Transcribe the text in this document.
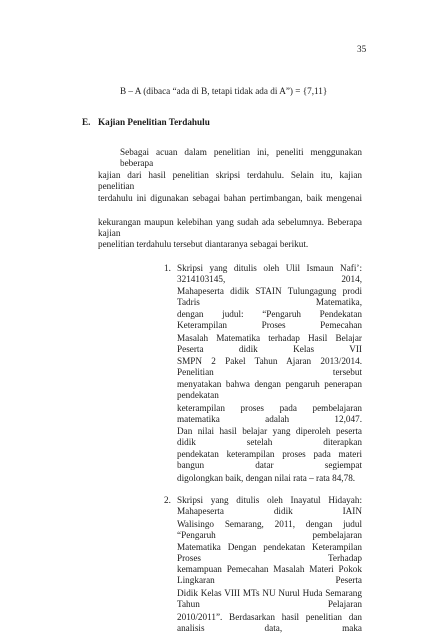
35
B – A (dibaca “ada di B, tetapi tidak ada di A”) = {7,11}
E. Kajian Penelitian Terdahulu
Sebagai acuan dalam penelitian ini, peneliti menggunakan beberapa
kajian dari hasil penelitian skripsi terdahulu. Selain itu, kajian penelitian
terdahulu ini digunakan sebagai bahan pertimbangan, baik mengenai
kekurangan maupun kelebihan yang sudah ada sebelumnya. Beberapa kajian
penelitian terdahulu tersebut diantaranya sebagai berikut.
1. Skripsi yang ditulis oleh Ulil Ismaun Nafi’: 3214103145, 2014,
Mahapeserta didik STAIN Tulungagung prodi Tadris Matematika,
dengan judul: “Pengaruh Pendekatan Keterampilan Proses Pemecahan
Masalah Matematika terhadap Hasil Belajar Peserta didik Kelas VII
SMPN 2 Pakel Tahun Ajaran 2013/2014. Penelitian tersebut
menyatakan bahwa dengan pengaruh penerapan pendekatan
keterampilan proses pada pembelajaran matematika adalah 12,047.
Dan nilai hasil belajar yang diperoleh peserta didik setelah diterapkan
pendekatan keterampilan proses pada materi bangun datar segiempat
digolongkan baik, dengan nilai rata – rata 84,78.
2. Skripsi yang ditulis oleh Inayatul Hidayah: Mahapeserta didik IAIN
Walisingo Semarang, 2011, dengan judul “Pengaruh pembelajaran
Matematika Dengan pendekatan Keterampilan Proses Terhadap
kemampuan Pemecahan Masalah Materi Pokok Lingkaran Peserta
Didik Kelas VIII MTs NU Nurul Huda Semarang Tahun Pelajaran
2010/2011”. Berdasarkan hasil penelitian dan analisis data, maka
